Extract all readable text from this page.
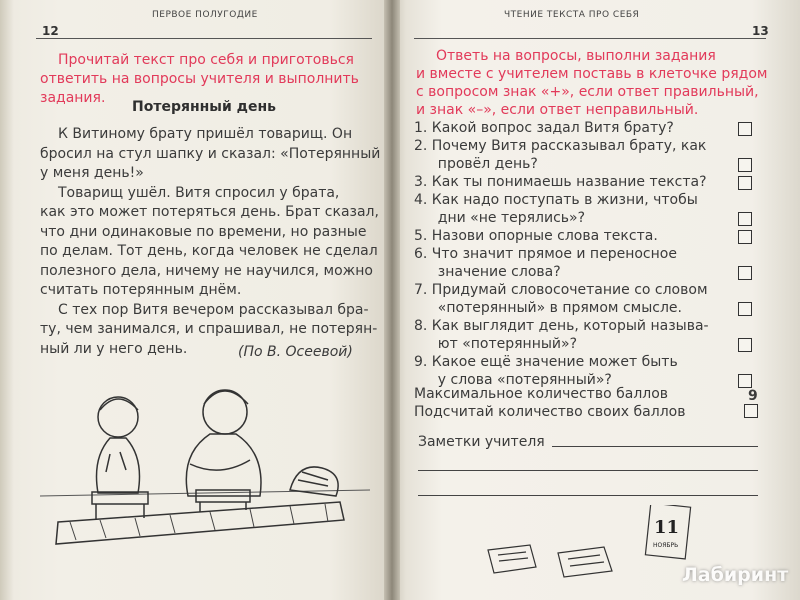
12
ПЕРВОЕ ПОЛУГОДИЕ
Прочитай текст про себя и приготовься
ответить на вопросы учителя и выполнить
задания.
Потерянный день
К Витиному брату пришёл товарищ. Он
бросил на стул шапку и сказал: «Потерянный
у меня день!»
Товарищ ушёл. Витя спросил у брата,
как это может потеряться день. Брат сказал,
что дни одинаковые по времени, но разные
по делам. Тот день, когда человек не сделал
полезного дела, ничему не научился, можно
считать потерянным днём.
С тех пор Витя вечером рассказывал бра-
ту, чем занимался, и спрашивал, не потерян-
ный ли у него день.	(По В. Осеевой)
ЧТЕНИЕ ТЕКСТА ПРО СЕБЯ
13
Ответь на вопросы, выполни задания
и вместе с учителем поставь в клеточке рядом
с вопросом знак «+», если ответ правильный,
и знак «–», если ответ неправильный.
1. Какой вопрос задал Витя брату?
2. Почему Витя рассказывал брату, как
провёл день?
3. Как ты понимаешь название текста?
4. Как надо поступать в жизни, чтобы
дни «не терялись»?
5. Назови опорные слова текста.
6. Что значит прямое и переносное
значение слова?
7. Придумай словосочетание со словом
«потерянный» в прямом смысле.
8. Как выглядит день, который называ-
ют «потерянный»?
9. Какое ещё значение может быть
у слова «потерянный»?
Максимальное количество баллов	9
Подсчитай количество своих баллов
Заметки учителя
11
НОЯБРЬ
Лабиринт
